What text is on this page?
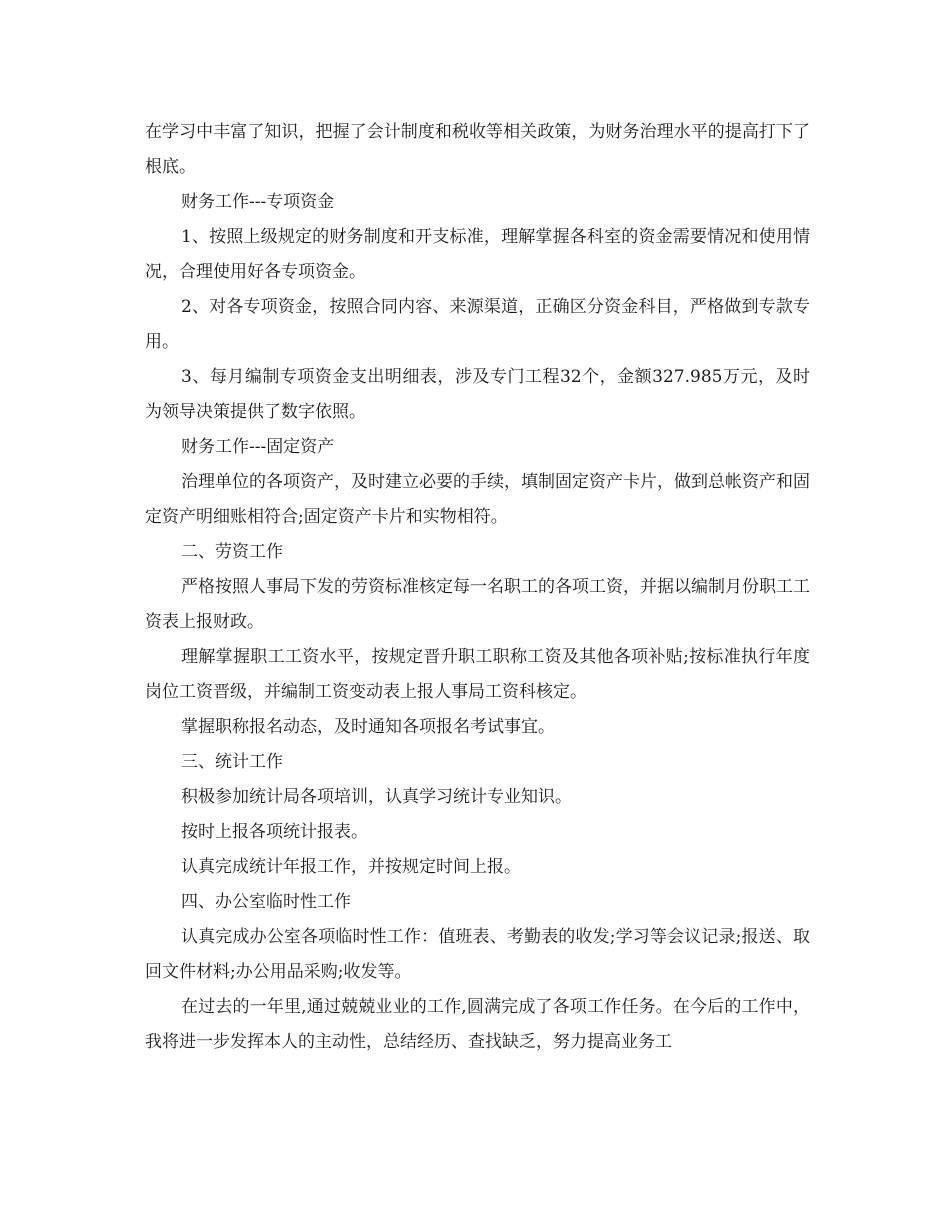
在学习中丰富了知识，把握了会计制度和税收等相关政策，为财务治理水平的提高打下了根底。

财务工作---专项资金

1、按照上级规定的财务制度和开支标准，理解掌握各科室的资金需要情况和使用情况，合理使用好各专项资金。

2、对各专项资金，按照合同内容、来源渠道，正确区分资金科目，严格做到专款专用。

3、每月编制专项资金支出明细表，涉及专门工程32个，金额327.985万元，及时为领导决策提供了数字依照。

财务工作---固定资产

治理单位的各项资产，及时建立必要的手续，填制固定资产卡片，做到总帐资产和固定资产明细账相符合;固定资产卡片和实物相符。

二、劳资工作

严格按照人事局下发的劳资标准核定每一名职工的各项工资，并据以编制月份职工工资表上报财政。

理解掌握职工工资水平，按规定晋升职工职称工资及其他各项补贴;按标准执行年度岗位工资晋级，并编制工资变动表上报人事局工资科核定。

掌握职称报名动态，及时通知各项报名考试事宜。

三、统计工作

积极参加统计局各项培训，认真学习统计专业知识。

按时上报各项统计报表。

认真完成统计年报工作，并按规定时间上报。

四、办公室临时性工作

认真完成办公室各项临时性工作：值班表、考勤表的收发;学习等会议记录;报送、取回文件材料;办公用品采购;收发等。

在过去的一年里,通过兢兢业业的工作,圆满完成了各项工作任务。在今后的工作中，我将进一步发挥本人的主动性，总结经历、查找缺乏，努力提高业务工
